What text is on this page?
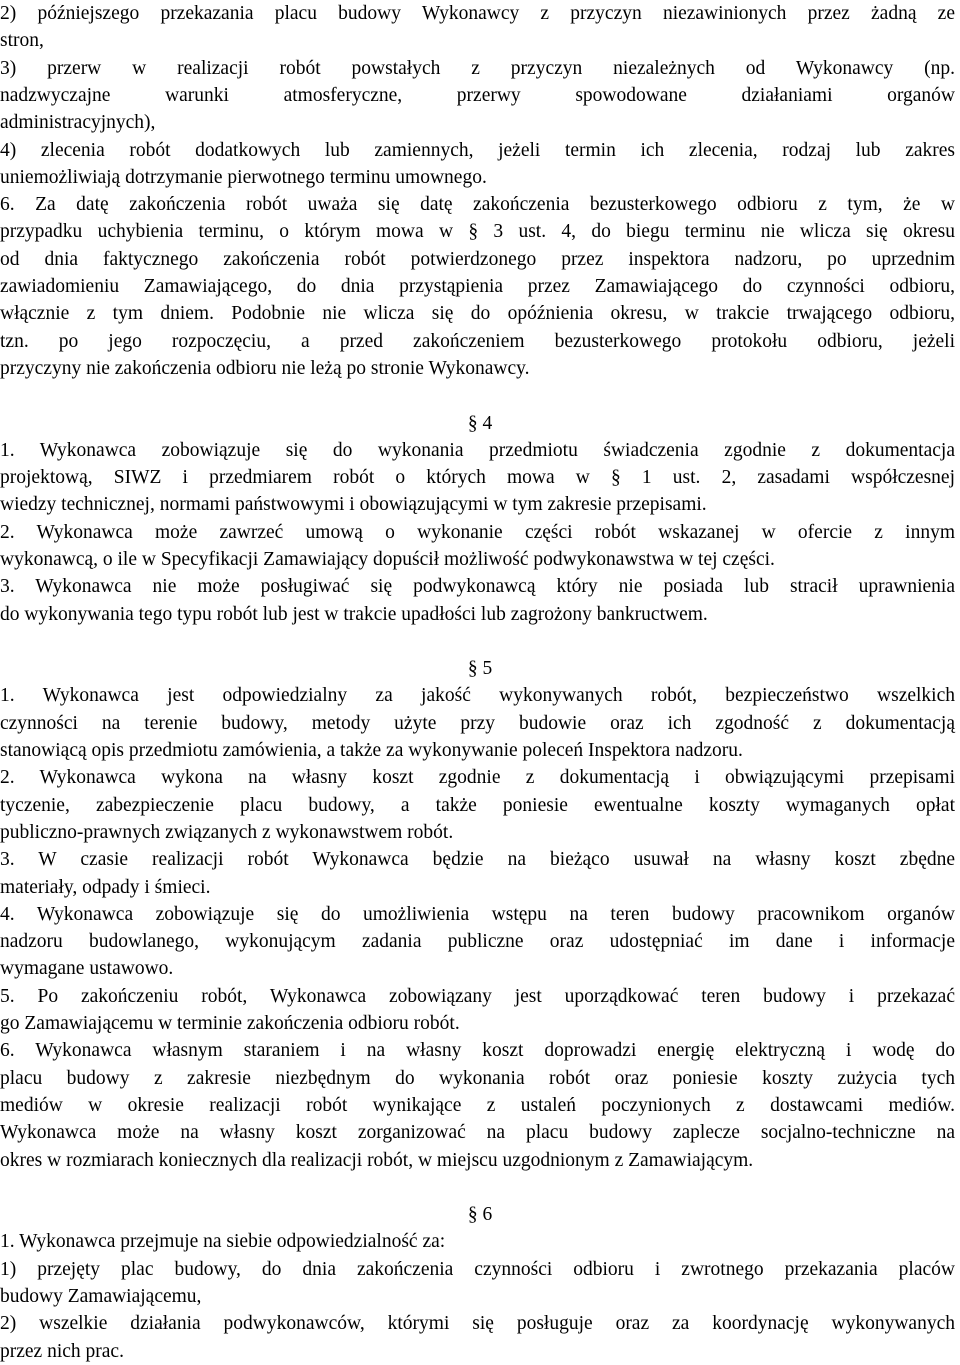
2) późniejszego przekazania placu budowy Wykonawcy z przyczyn niezawinionych przez żadną ze
stron,
3) przerw w realizacji robót powstałych z przyczyn niezależnych od Wykonawcy (np.
nadzwyczajne warunki atmosferyczne, przerwy spowodowane działaniami organów
administracyjnych),
4) zlecenia robót dodatkowych lub zamiennych, jeżeli termin ich zlecenia, rodzaj lub zakres
uniemożliwiają dotrzymanie pierwotnego terminu umownego.
6. Za datę zakończenia robót uważa się datę zakończenia bezusterkowego odbioru z tym, że w
przypadku uchybienia terminu, o którym mowa w § 3 ust. 4, do biegu terminu nie wlicza się okresu
od dnia faktycznego zakończenia robót potwierdzonego przez inspektora nadzoru, po uprzednim
zawiadomieniu Zamawiającego, do dnia przystąpienia przez Zamawiającego do czynności odbioru,
włącznie z tym dniem. Podobnie nie wlicza się do opóźnienia okresu, w trakcie trwającego odbioru,
tzn. po jego rozpoczęciu, a przed zakończeniem bezusterkowego protokołu odbioru, jeżeli
przyczyny nie zakończenia odbioru nie leżą po stronie Wykonawcy.
§ 4
1. Wykonawca zobowiązuje się do wykonania przedmiotu świadczenia zgodnie z dokumentacja
projektową, SIWZ i przedmiarem robót o których mowa w § 1 ust. 2, zasadami współczesnej
wiedzy technicznej, normami państwowymi i obowiązującymi w tym zakresie przepisami.
2. Wykonawca może zawrzeć umową o wykonanie części robót wskazanej w ofercie z innym
wykonawcą, o ile w Specyfikacji Zamawiający dopuścił możliwość podwykonawstwa w tej części.
3. Wykonawca nie może posługiwać się podwykonawcą który nie posiada lub stracił uprawnienia
do wykonywania tego typu robót lub jest w trakcie upadłości lub zagrożony bankructwem.
§ 5
1. Wykonawca jest odpowiedzialny za jakość wykonywanych robót, bezpieczeństwo wszelkich
czynności na terenie budowy, metody użyte przy budowie oraz ich zgodność z dokumentacją
stanowiącą opis przedmiotu zamówienia, a także za wykonywanie poleceń Inspektora nadzoru.
2. Wykonawca wykona na własny koszt zgodnie z dokumentacją i obwiązującymi przepisami
tyczenie, zabezpieczenie placu budowy, a także poniesie ewentualne koszty wymaganych opłat
publiczno-prawnych związanych z wykonawstwem robót.
3. W czasie realizacji robót Wykonawca będzie na bieżąco usuwał na własny koszt zbędne
materiały, odpady i śmieci.
4. Wykonawca zobowiązuje się do umożliwienia wstępu na teren budowy pracownikom organów
nadzoru budowlanego, wykonującym zadania publiczne oraz udostępniać im dane i informacje
wymagane ustawowo.
5. Po zakończeniu robót, Wykonawca zobowiązany jest uporządkować teren budowy i przekazać
go Zamawiającemu w terminie zakończenia odbioru robót.
6. Wykonawca własnym staraniem i na własny koszt doprowadzi energię elektryczną i wodę do
placu budowy z zakresie niezbędnym do wykonania robót oraz poniesie koszty zużycia tych
mediów w okresie realizacji robót wynikające z ustaleń poczynionych z dostawcami mediów.
Wykonawca może na własny koszt zorganizować na placu budowy zaplecze socjalno-techniczne na
okres w rozmiarach koniecznych dla realizacji robót, w miejscu uzgodnionym z Zamawiającym.
§ 6
1. Wykonawca przejmuje na siebie odpowiedzialność za:
1) przejęty plac budowy, do dnia zakończenia czynności odbioru i zwrotnego przekazania placów
budowy Zamawiającemu,
2) wszelkie działania podwykonawców, którymi się posługuje oraz za koordynację wykonywanych
przez nich prac.
